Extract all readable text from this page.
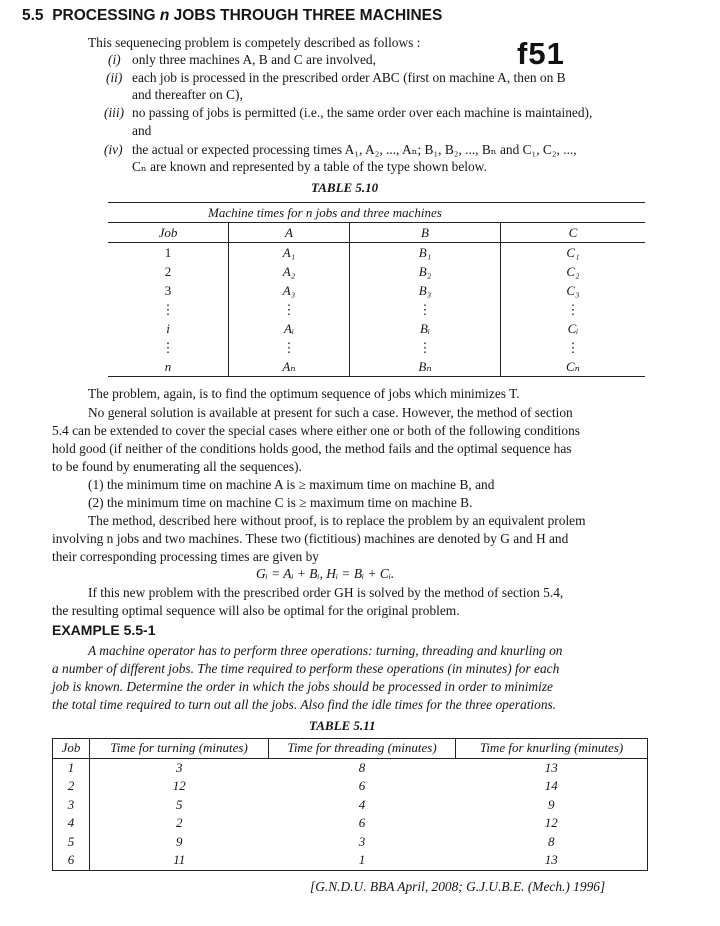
5.5 PROCESSING n JOBS THROUGH THREE MACHINES
f51
This sequenecing problem is competely described as follows :
(i) only three machines A, B and C are involved,
(ii) each job is processed in the prescribed order ABC (first on machine A, then on B
and thereafter on C),
(iii) no passing of jobs is permitted (i.e., the same order over each machine is maintained),
and
(iv) the actual or expected processing times A₁, A₂, ..., Aₙ; B₁, B₂, ..., Bₙ and C₁, C₂, ...,
Cₙ are known and represented by a table of the type shown below.
TABLE 5.10
Machine times for n jobs and three machines			
Job	A	B	C
1	A₁	B₁	C₁
2	A₂	B₂	C₂
3	A₃	B₃	C₃
⋮	⋮	⋮	⋮
i	Aᵢ	Bᵢ	Cᵢ
⋮	⋮	⋮	⋮
n	Aₙ	Bₙ	Cₙ
The problem, again, is to find the optimum sequence of jobs which minimizes T.
No general solution is available at present for such a case. However, the method of section
5.4 can be extended to cover the special cases where either one or both of the following conditions
hold good (if neither of the conditions holds good, the method fails and the optimal sequence has
to be found by enumerating all the sequences).
(1) the minimum time on machine A is ≥ maximum time on machine B, and
(2) the minimum time on machine C is ≥ maximum time on machine B.
The method, described here without proof, is to replace the problem by an equivalent prolem
involving n jobs and two machines. These two (fictitious) machines are denoted by G and H and
their corresponding processing times are given by
Gᵢ = Aᵢ + Bᵢ, Hᵢ = Bᵢ + Cᵢ.
If this new problem with the prescribed order GH is solved by the method of section 5.4,
the resulting optimal sequence will also be optimal for the original problem.
EXAMPLE 5.5-1
A machine operator has to perform three operations: turning, threading and knurling on
a number of different jobs. The time required to perform these operations (in minutes) for each
job is known. Determine the order in which the jobs should be processed in order to minimize
the total time required to turn out all the jobs. Also find the idle times for the three operations.
TABLE 5.11
Job	Time for turning (minutes)	Time for threading (minutes)	Time for knurling (minutes)
1	3	8	13
2	12	6	14
3	5	4	9
4	2	6	12
5	9	3	8
6	11	1	13
[G.N.D.U. BBA April, 2008; G.J.U.B.E. (Mech.) 1996]
